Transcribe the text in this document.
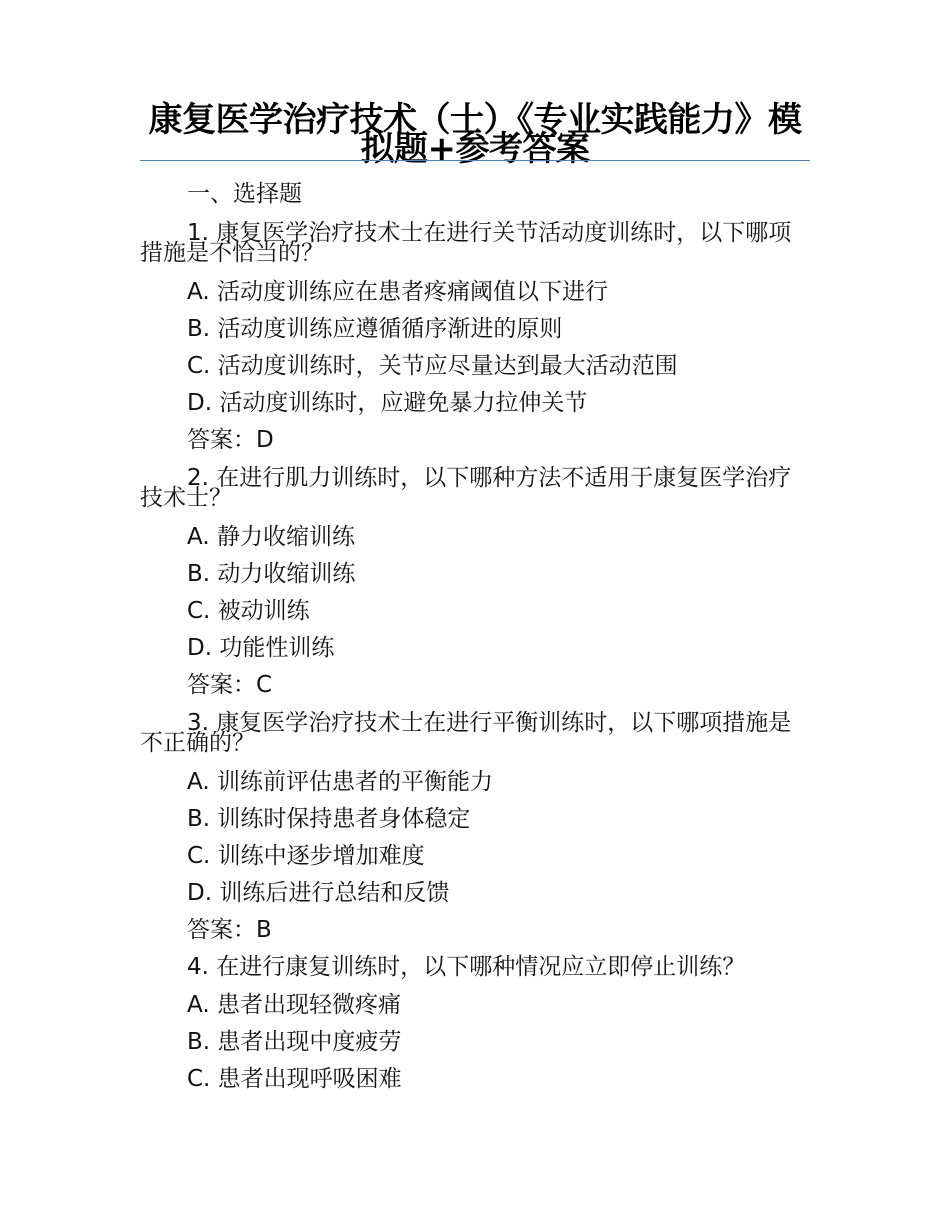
康复医学治疗技术（士）《专业实践能力》模拟题+参考答案
一、选择题
1. 康复医学治疗技术士在进行关节活动度训练时，以下哪项措施是不恰当的？
A. 活动度训练应在患者疼痛阈值以下进行
B. 活动度训练应遵循循序渐进的原则
C. 活动度训练时，关节应尽量达到最大活动范围
D. 活动度训练时，应避免暴力拉伸关节
答案：D
2. 在进行肌力训练时，以下哪种方法不适用于康复医学治疗技术士？
A. 静力收缩训练
B. 动力收缩训练
C. 被动训练
D. 功能性训练
答案：C
3. 康复医学治疗技术士在进行平衡训练时，以下哪项措施是不正确的？
A. 训练前评估患者的平衡能力
B. 训练时保持患者身体稳定
C. 训练中逐步增加难度
D. 训练后进行总结和反馈
答案：B
4. 在进行康复训练时，以下哪种情况应立即停止训练？
A. 患者出现轻微疼痛
B. 患者出现中度疲劳
C. 患者出现呼吸困难
